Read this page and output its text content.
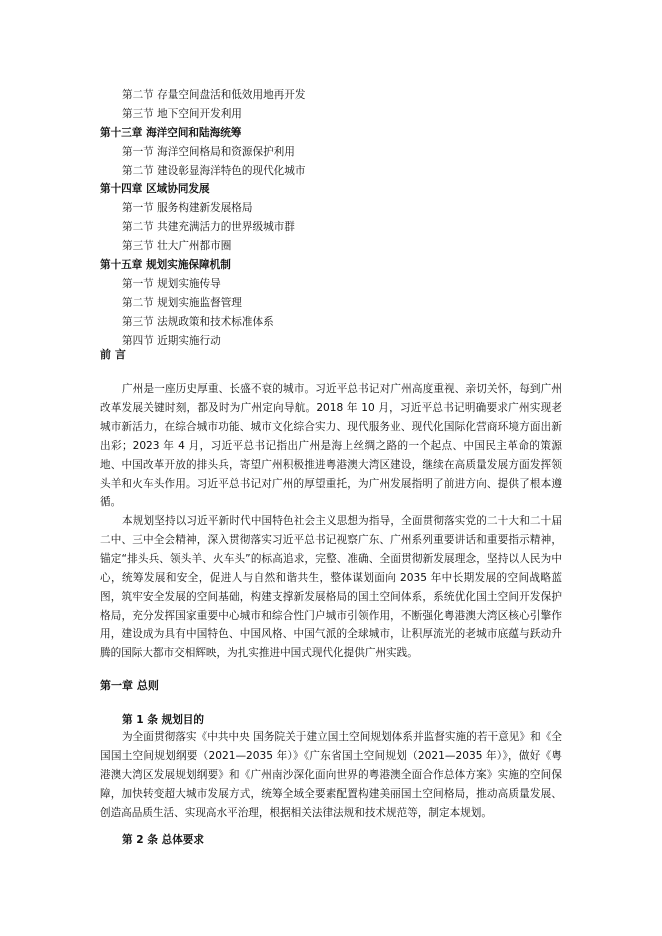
第二节 存量空间盘活和低效用地再开发
第三节 地下空间开发利用
第十三章 海洋空间和陆海统筹
第一节 海洋空间格局和资源保护利用
第二节 建设彰显海洋特色的现代化城市
第十四章 区域协同发展
第一节 服务构建新发展格局
第二节 共建充满活力的世界级城市群
第三节 壮大广州都市圈
第十五章 规划实施保障机制
第一节 规划实施传导
第二节 规划实施监督管理
第三节 法规政策和技术标准体系
第四节 近期实施行动
前 言

广州是一座历史厚重、长盛不衰的城市。习近平总书记对广州高度重视、亲切关怀，每到广州改革发展关键时刻，都及时为广州定向导航。2018 年 10 月，习近平总书记明确要求广州实现老城市新活力，在综合城市功能、城市文化综合实力、现代服务业、现代化国际化营商环境方面出新出彩；2023 年 4 月，习近平总书记指出广州是海上丝绸之路的一个起点、中国民主革命的策源地、中国改革开放的排头兵，寄望广州积极推进粤港澳大湾区建设，继续在高质量发展方面发挥领头羊和火车头作用。习近平总书记对广州的厚望重托，为广州发展指明了前进方向、提供了根本遵循。

本规划坚持以习近平新时代中国特色社会主义思想为指导，全面贯彻落实党的二十大和二十届二中、三中全会精神，深入贯彻落实习近平总书记视察广东、广州系列重要讲话和重要指示精神，锚定“排头兵、领头羊、火车头”的标高追求，完整、准确、全面贯彻新发展理念，坚持以人民为中心，统筹发展和安全，促进人与自然和谐共生，整体谋划面向 2035 年中长期发展的空间战略蓝图，筑牢安全发展的空间基础，构建支撑新发展格局的国土空间体系，系统优化国土空间开发保护格局，充分发挥国家重要中心城市和综合性门户城市引领作用，不断强化粤港澳大湾区核心引擎作用，建设成为具有中国特色、中国风格、中国气派的全球城市，让积厚流光的老城市底蕴与跃动升腾的国际大都市交相辉映，为扎实推进中国式现代化提供广州实践。

第一章 总则
第 1 条 规划目的

为全面贯彻落实《中共中央 国务院关于建立国土空间规划体系并监督实施的若干意见》和《全国国土空间规划纲要（2021—2035 年）》《广东省国土空间规划（2021—2035 年）》，做好《粤港澳大湾区发展规划纲要》和《广州南沙深化面向世界的粤港澳全面合作总体方案》实施的空间保障，加快转变超大城市发展方式，统筹全域全要素配置构建美丽国土空间格局，推动高质量发展、创造高品质生活、实现高水平治理，根据相关法律法规和技术规范等，制定本规划。

第 2 条 总体要求
